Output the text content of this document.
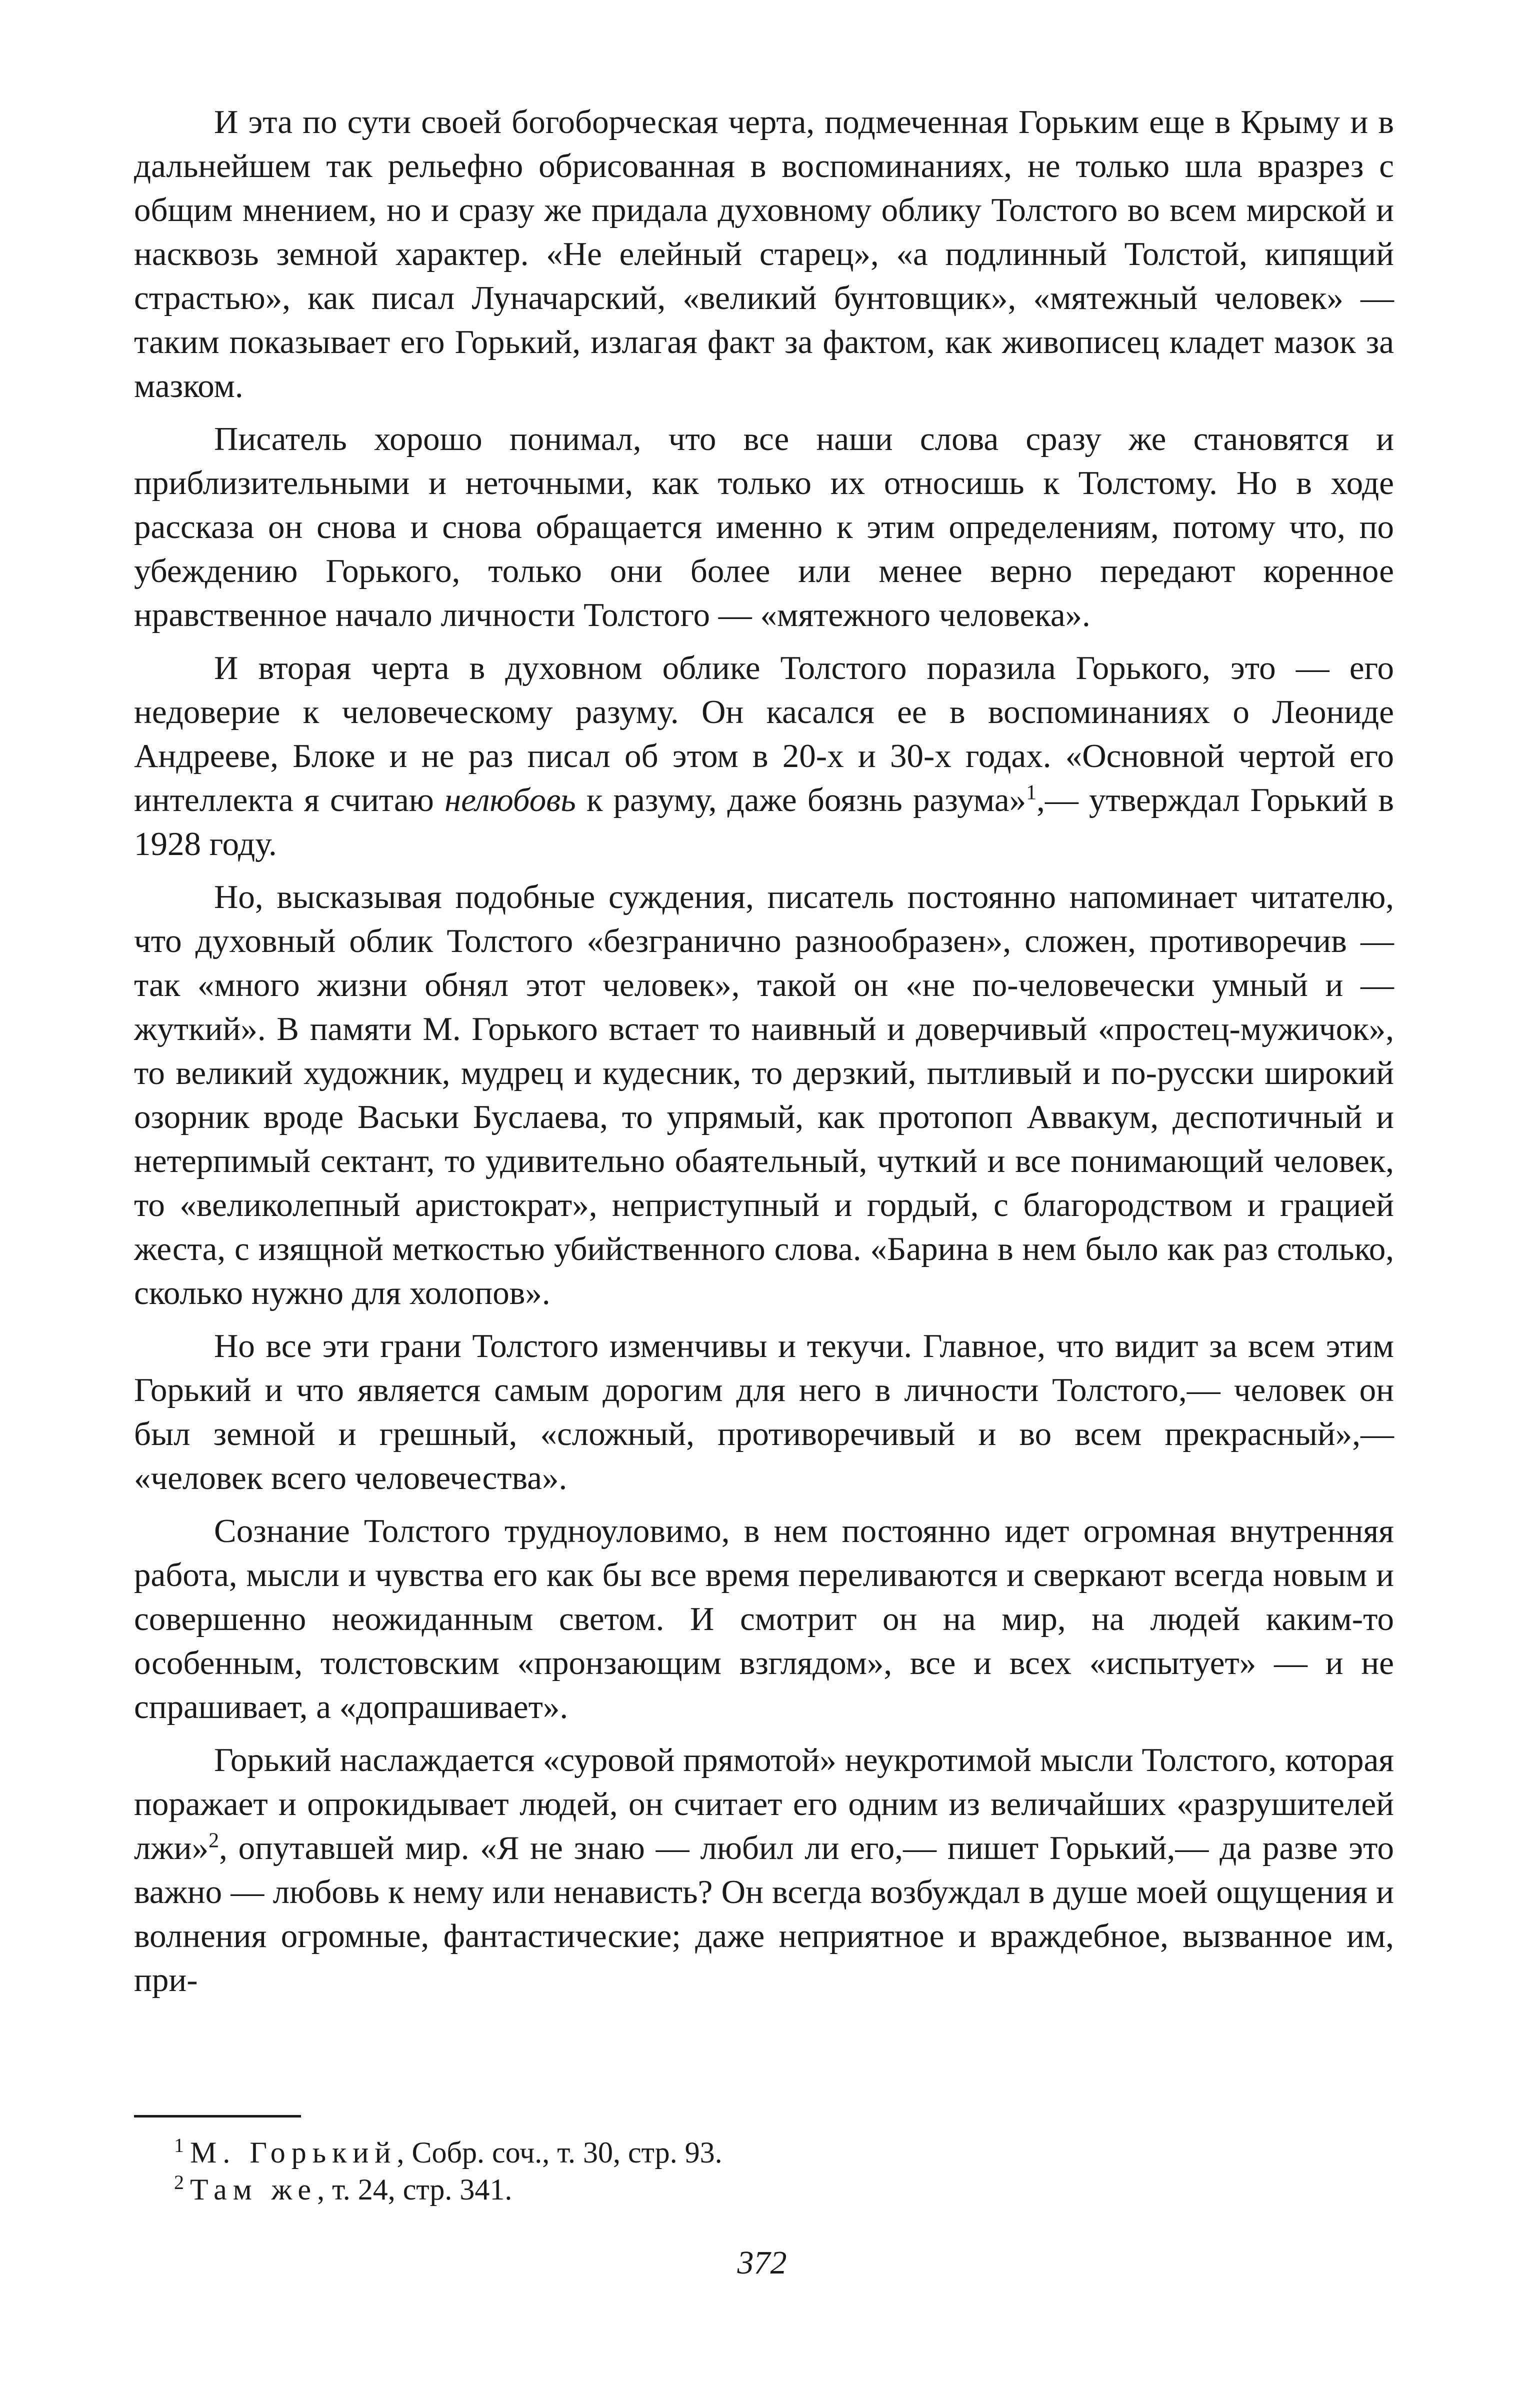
И эта по сути своей богоборческая черта, подмеченная Горьким еще в Крыму и в дальнейшем так рельефно обрисованная в воспоминаниях, не только шла вразрез с общим мнением, но и сразу же придала духовному облику Толстого во всем мирской и насквозь земной характер. «Не елейный старец», «а подлинный Толстой, кипящий страстью», как писал Луначарский, «великий бунтовщик», «мятежный человек» — таким показывает его Горький, излагая факт за фактом, как живописец кладет мазок за мазком.

Писатель хорошо понимал, что все наши слова сразу же становятся и приблизительными и неточными, как только их относишь к Толстому. Но в ходе рассказа он снова и снова обращается именно к этим определениям, потому что, по убеждению Горького, только они более или менее верно передают коренное нравственное начало личности Толстого — «мятежного человека».

И вторая черта в духовном облике Толстого поразила Горького, это — его недоверие к человеческому разуму. Он касался ее в воспоминаниях о Леониде Андрееве, Блоке и не раз писал об этом в 20-х и 30-х годах. «Основной чертой его интеллекта я считаю нелюбовь к разуму, даже боязнь разума»$^1$,— утверждал Горький в 1928 году.

Но, высказывая подобные суждения, писатель постоянно напоминает читателю, что духовный облик Толстого «безгранично разнообразен», сложен, противоречив — так «много жизни обнял этот человек», такой он «не по-человечески умный и — жуткий». В памяти М. Горького встает то наивный и доверчивый «простец-мужичок», то великий художник, мудрец и кудесник, то дерзкий, пытливый и по-русски широкий озорник вроде Васьки Буслаева, то упрямый, как протопоп Аввакум, деспотичный и нетерпимый сектант, то удивительно обаятельный, чуткий и все понимающий человек, то «великолепный аристократ», неприступный и гордый, с благородством и грацией жеста, с изящной меткостью убийственного слова. «Барина в нем было как раз столько, сколько нужно для холопов».

Но все эти грани Толстого изменчивы и текучи. Главное, что видит за всем этим Горький и что является самым дорогим для него в личности Толстого,— человек он был земной и грешный, «сложный, противоречивый и во всем прекрасный»,— «человек всего человечества».

Сознание Толстого трудноуловимо, в нем постоянно идет огромная внутренняя работа, мысли и чувства его как бы все время переливаются и сверкают всегда новым и совершенно неожиданным светом. И смотрит он на мир, на людей каким-то особенным, толстовским «пронзающим взглядом», все и всех «испытует» — и не спрашивает, а «допрашивает».

Горький наслаждается «суровой прямотой» неукротимой мысли Толстого, которая поражает и опрокидывает людей, он считает его одним из величайших «разрушителей лжи»$^2$, опутавшей мир. «Я не знаю — любил ли его,— пишет Горький,— да разве это важно — любовь к нему или ненависть? Он всегда возбуждал в душе моей ощущения и волнения огромные, фантастические; даже неприятное и враждебное, вызванное им, при-

$^1$ М. Горький, Собр. соч., т. 30, стр. 93.
$^2$ Там же, т. 24, стр. 341.
372
